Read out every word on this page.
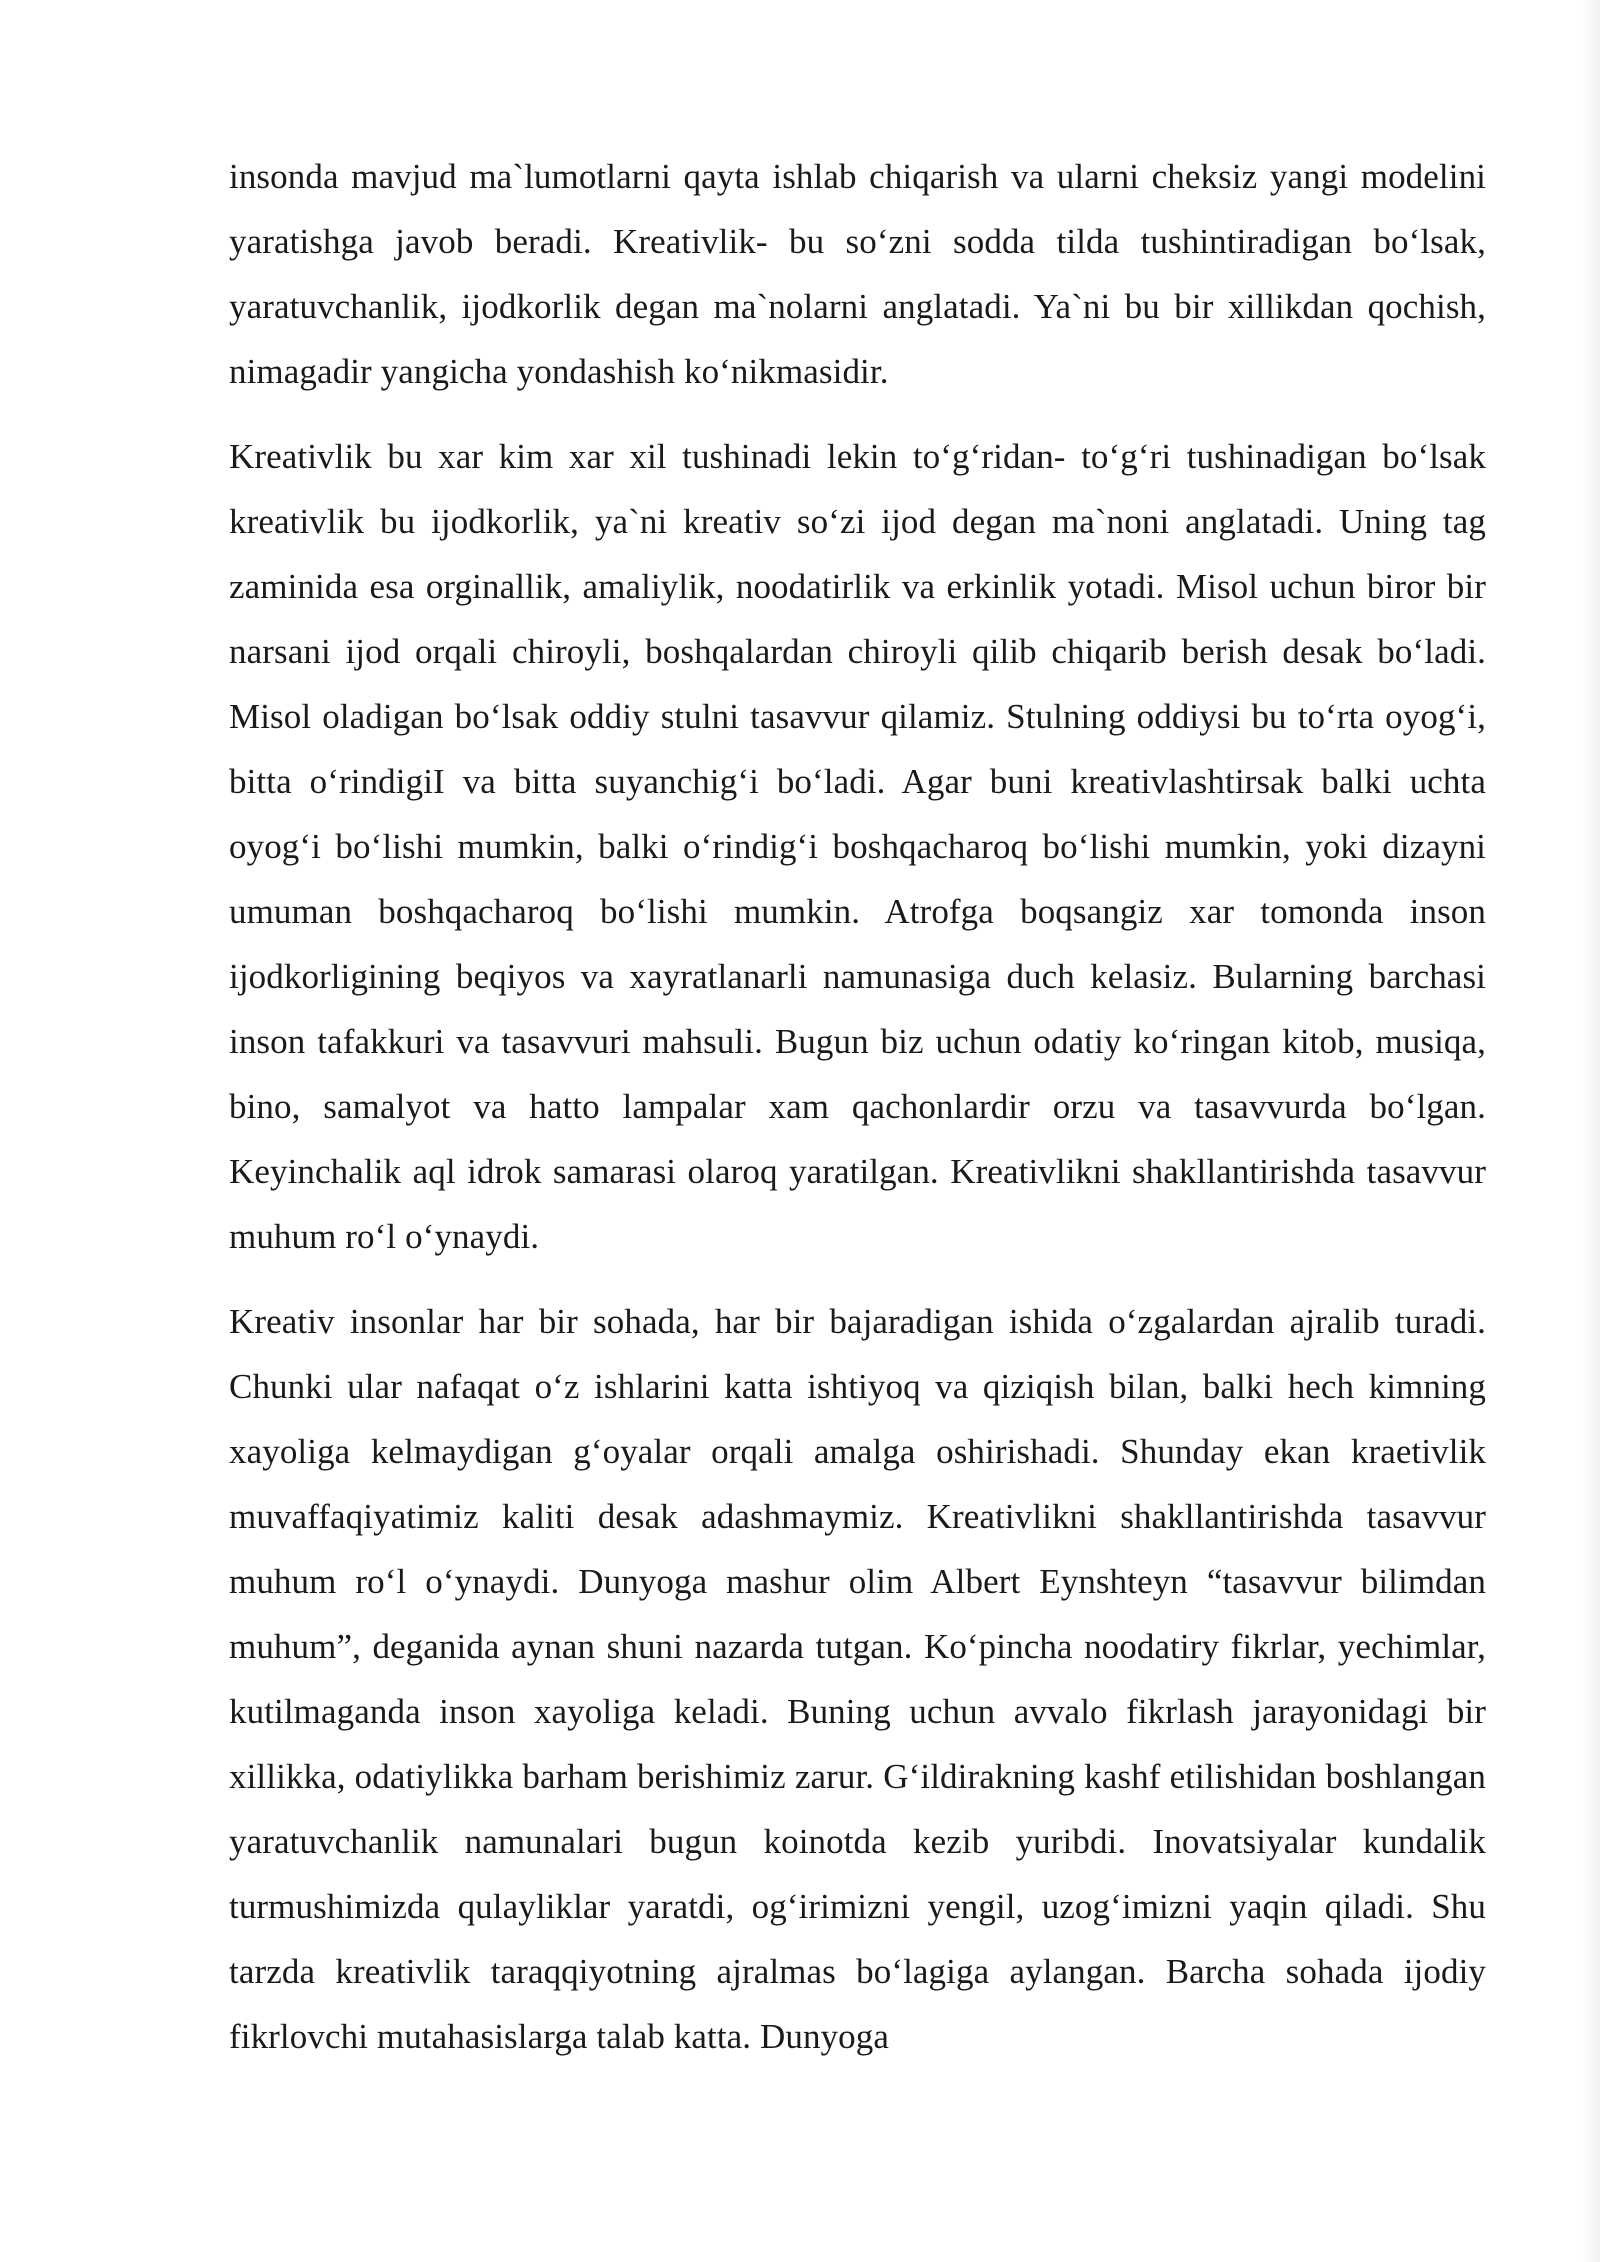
insonda mavjud ma`lumotlarni qayta ishlab chiqarish va ularni cheksiz yangi modelini yaratishga javob beradi. Kreativlik- bu so‘zni sodda tilda tushintiradigan bo‘lsak, yaratuvchanlik, ijodkorlik degan ma`nolarni anglatadi. Ya`ni bu bir xillikdan qochish, nimagadir yangicha yondashish ko‘nikmasidir.

Kreativlik bu xar kim xar xil tushinadi lekin to‘g‘ridan- to‘g‘ri tushinadigan bo‘lsak kreativlik bu ijodkorlik, ya`ni kreativ so‘zi ijod degan ma`noni anglatadi. Uning tag zaminida esa orginallik, amaliylik, noodatirlik va erkinlik yotadi. Misol uchun biror bir narsani ijod orqali chiroyli, boshqalardan chiroyli qilib chiqarib berish desak bo‘ladi. Misol oladigan bo‘lsak oddiy stulni tasavvur qilamiz. Stulning oddiysi bu to‘rta oyog‘i, bitta o‘rindigiI va bitta suyanchig‘i bo‘ladi. Agar buni kreativlashtirsak balki uchta oyog‘i bo‘lishi mumkin, balki o‘rindig‘i boshqacharoq bo‘lishi mumkin, yoki dizayni umuman boshqacharoq bo‘lishi mumkin. Atrofga boqsangiz xar tomonda inson ijodkorligining beqiyos va xayratlanarli namunasiga duch kelasiz. Bularning barchasi inson tafakkuri va tasavvuri mahsuli. Bugun biz uchun odatiy ko‘ringan kitob, musiqa, bino, samalyot va hatto lampalar xam qachonlardir orzu va tasavvurda bo‘lgan. Keyinchalik aql idrok samarasi olaroq yaratilgan. Kreativlikni shakllantirishda tasavvur muhum ro‘l o‘ynaydi.

Kreativ insonlar har bir sohada, har bir bajaradigan ishida o‘zgalardan ajralib turadi. Chunki ular nafaqat o‘z ishlarini katta ishtiyoq va qiziqish bilan, balki hech kimning xayoliga kelmaydigan g‘oyalar orqali amalga oshirishadi. Shunday ekan kraetivlik muvaffaqiyatimiz kaliti desak adashmaymiz. Kreativlikni shakllantirishda tasavvur muhum ro‘l o‘ynaydi. Dunyoga mashur olim Albert Eynshteyn “tasavvur bilimdan muhum”, deganida aynan shuni nazarda tutgan. Ko‘pincha noodatiry fikrlar, yechimlar, kutilmaganda inson xayoliga keladi. Buning uchun avvalo fikrlash jarayonidagi bir xillikka, odatiylikka barham berishimiz zarur. G‘ildirakning kashf etilishidan boshlangan yaratuvchanlik namunalari bugun koinotda kezib yuribdi. Inovatsiyalar kundalik turmushimizda qulayliklar yaratdi, og‘irimizni yengil, uzog‘imizni yaqin qiladi. Shu tarzda kreativlik taraqqiyotning ajralmas bo‘lagiga aylangan. Barcha sohada ijodiy fikrlovchi mutahasislarga talab katta. Dunyoga
